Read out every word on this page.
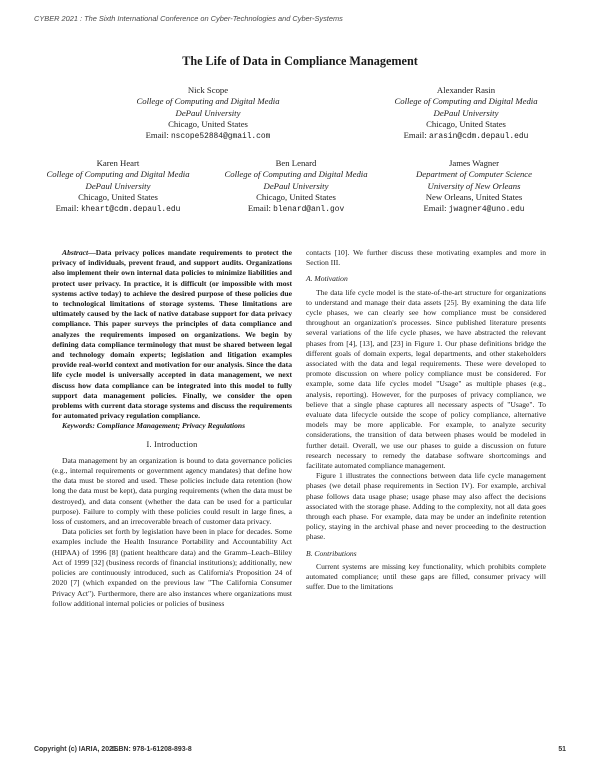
CYBER 2021 : The Sixth International Conference on Cyber-Technologies and Cyber-Systems
The Life of Data in Compliance Management
Nick Scope
College of Computing and Digital Media
DePaul University
Chicago, United States
Email: nscope52884@gmail.com
Alexander Rasin
College of Computing and Digital Media
DePaul University
Chicago, United States
Email: arasin@cdm.depaul.edu
Karen Heart
College of Computing and Digital Media
DePaul University
Chicago, United States
Email: kheart@cdm.depaul.edu
Ben Lenard
College of Computing and Digital Media
DePaul University
Chicago, United States
Email: blenard@anl.gov
James Wagner
Department of Computer Science
University of New Orleans
New Orleans, United States
Email: jwagner4@uno.edu

Abstract—Data privacy polices mandate requirements to protect the privacy of individuals, prevent fraud, and support audits. Organizations also implement their own internal data policies to minimize liabilities and protect user privacy. In practice, it is difficult (or impossible with most systems active today) to achieve the desired purpose of these policies due to technological limitations of storage systems. These limitations are ultimately caused by the lack of native database support for data privacy compliance. This paper surveys the principles of data compliance and analyzes the requirements imposed on organizations. We begin by defining data compliance terminology that must be shared between legal and technology domain experts; legislation and litigation examples provide real-world context and motivation for our analysis. Since the data life cycle model is universally accepted in data management, we next discuss how data compliance can be integrated into this model to fully support data management policies. Finally, we consider the open problems with current data storage systems and discuss the requirements for automated privacy regulation compliance.

Keywords: Compliance Management; Privacy Regulations

I. Introduction

Data management by an organization is bound to data governance policies (e.g., internal requirements or government agency mandates) that define how the data must be stored and used. These policies include data retention (how long the data must be kept), data purging requirements (when the data must be destroyed), and data consent (whether the data can be used for a particular purpose). Failure to comply with these policies could result in large fines, a loss of customers, and an irrecoverable breach of customer data privacy.

Data policies set forth by legislation have been in place for decades. Some examples include the Health Insurance Portability and Accountability Act (HIPAA) of 1996 [8] (patient healthcare data) and the Gramm–Leach–Bliley Act of 1999 [32] (business records of financial institutions); additionally, new policies are continuously introduced, such as California's Proposition 24 of 2020 [7] (which expanded on the previous law "The California Consumer Privacy Act"). Furthermore, there are also instances where organizations must follow additional internal policies or policies of business

contacts [10]. We further discuss these motivating examples and more in Section III.

A. Motivation

The data life cycle model is the state-of-the-art structure for organizations to understand and manage their data assets [25]. By examining the data life cycle phases, we can clearly see how compliance must be considered throughout an organization's processes. Since published literature presents several variations of the life cycle phases, we have abstracted the relevant phases from [4], [13], and [23] in Figure 1. Our phase definitions bridge the different goals of domain experts, legal departments, and other stakeholders associated with the data and legal requirements. These were developed to promote discussion on where policy compliance must be considered. For example, some data life cycles model "Usage" as multiple phases (e.g., analysis, reporting). However, for the purposes of privacy compliance, we believe that a single phase captures all necessary aspects of "Usage". To evaluate data lifecycle outside the scope of policy compliance, alternative models may be more applicable. For example, to analyze security considerations, the transition of data between phases would be modeled in further detail. Overall, we use our phases to guide a discussion on future research necessary to remedy the database software shortcomings and facilitate automated compliance management.

Figure 1 illustrates the connections between data life cycle management phases (we detail phase requirements in Section IV). For example, archival phase follows data usage phase; usage phase may also affect the decisions associated with the storage phase. Adding to the complexity, not all data goes through each phase. For example, data may be under an indefinite retention policy, staying in the archival phase and never proceeding to the destruction phase.

B. Contributions

Current systems are missing key functionality, which prohibits complete automated compliance; until these gaps are filled, consumer privacy will suffer. Due to the limitations

Copyright (c) IARIA, 2021.
ISBN: 978-1-61208-893-8	51
